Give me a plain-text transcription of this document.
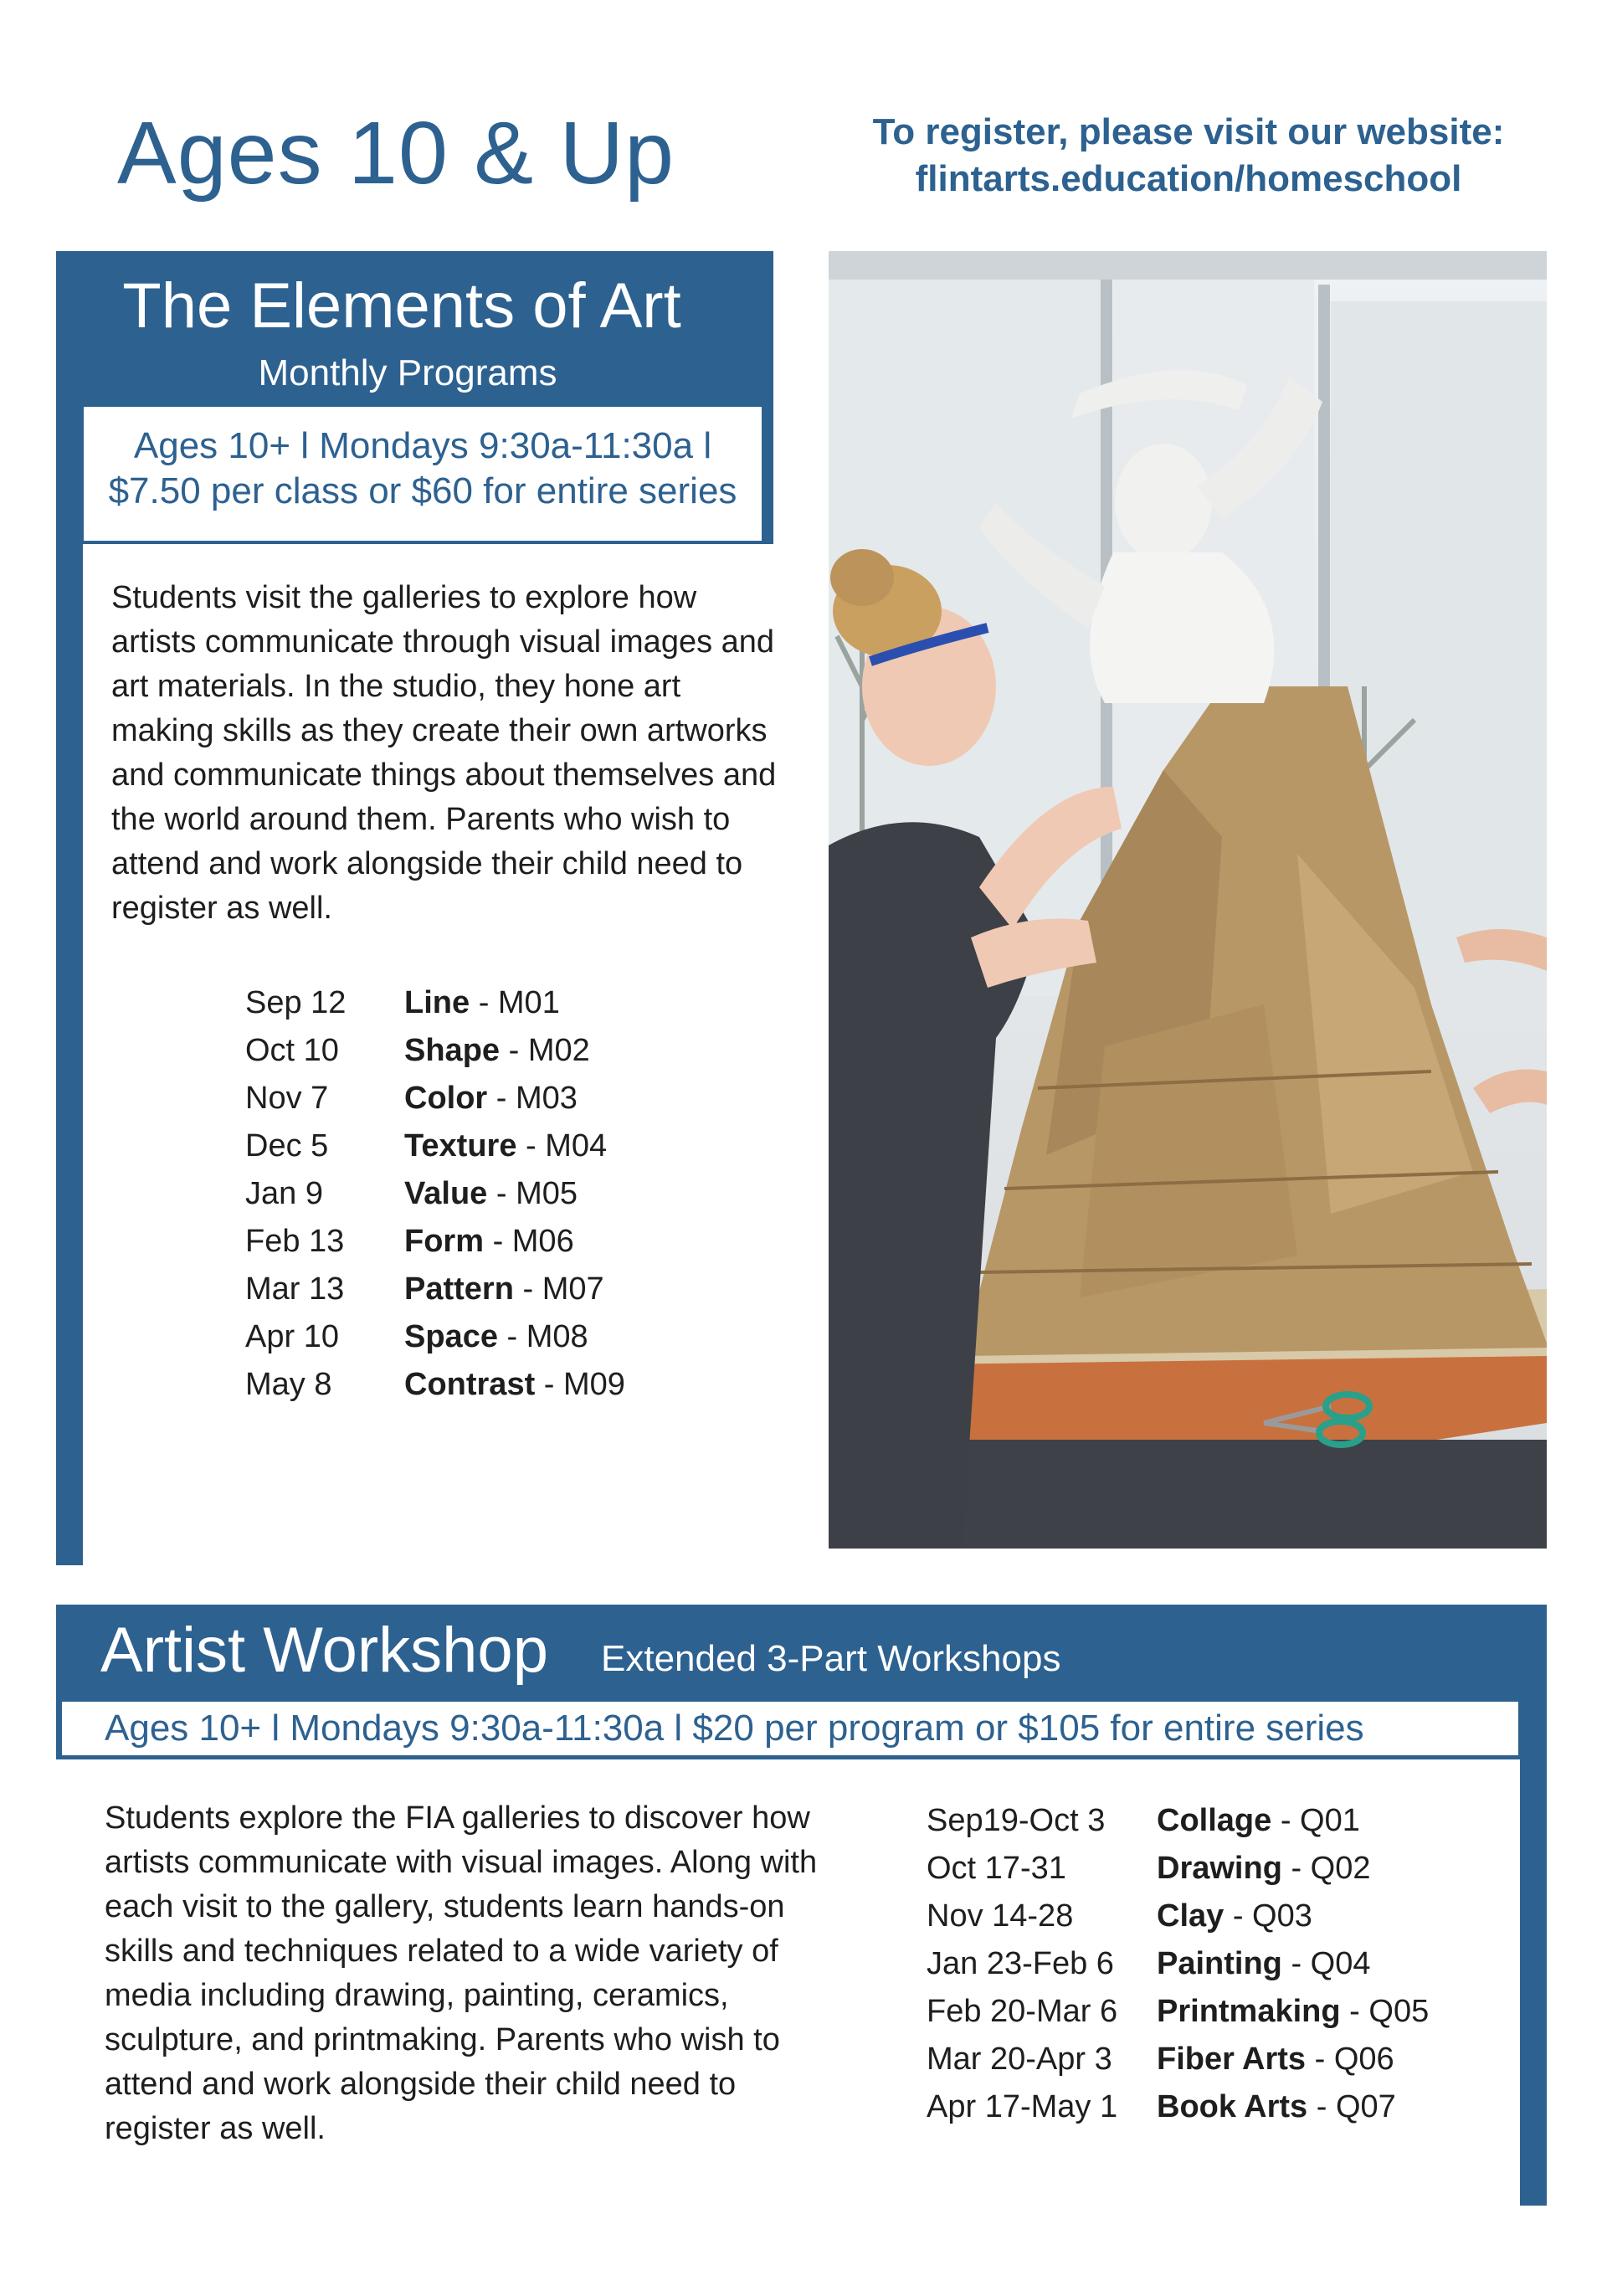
Ages 10 & Up	To register, please visit our website:
flintarts.education/homeschool
The Elements of Art
Monthly Programs
Ages 10+ l Mondays 9:30a-11:30a l
$7.50 per class or $60 for entire series

Students visit the galleries to explore how artists communicate through visual images and art materials. In the studio, they hone art making skills as they create their own artworks and communicate things about themselves and the world around them. Parents who wish to attend and work alongside their child need to register as well.

Sep 12 Line - M01
Oct 10 Shape - M02
Nov 7 Color - M03
Dec 5 Texture - M04
Jan 9	Value - M05
Feb 13 Form - M06
Mar 13 Pattern - M07
Apr 10 Space - M08
May 8 Contrast - M09
Artist Workshop Extended 3-Part Workshops
Ages 10+ l Mondays 9:30a-11:30a l $20 per program or $105 for entire series

Students explore the FIA galleries to discover how artists communicate with visual images. Along with each visit to the gallery, students learn hands-on skills and techniques related to a wide variety of media including drawing, painting, ceramics, sculpture, and printmaking. Parents who wish to attend and work alongside their child need to register as well.

Sep19-Oct 3 Collage - Q01
Oct 17-31	Drawing - Q02
Nov 14-28	Clay - Q03
Jan 23-Feb 6 Painting - Q04
Feb 20-Mar 6 Printmaking - Q05
Mar 20-Apr 3 Fiber Arts - Q06
Apr 17-May 1 Book Arts - Q07
